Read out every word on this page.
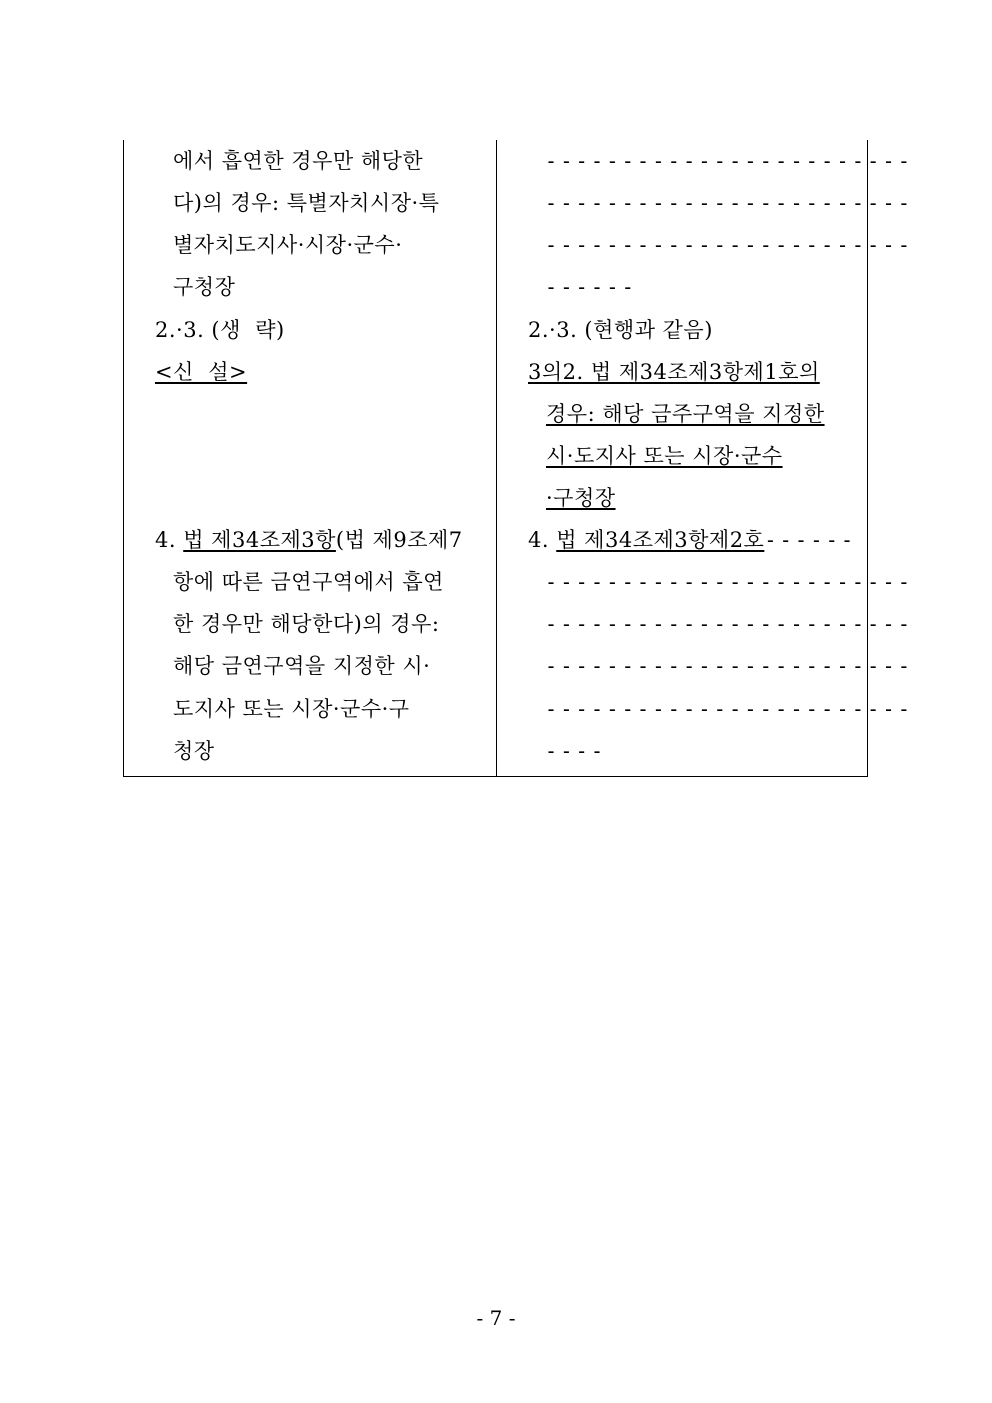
에서 흡연한 경우만 해당한
다)의 경우: 특별자치시장·특
별자치도지사·시장·군수·
구청장
2.·3. (생  략)
<신  설>
4. 법 제34조제3항(법 제9조제7
항에 따른 금연구역에서 흡연
한 경우만 해당한다)의 경우:
해당 금연구역을 지정한 시·
도지사 또는 시장·군수·구
청장
------------------------
------------------------
------------------------
------
2.·3. (현행과 같음)
3의2. 법 제34조제3항제1호의
경우: 해당 금주구역을 지정한
시·도지사 또는 시장·군수
·구청장
4. 법 제34조제3항제2호------
------------------------
------------------------
------------------------
------------------------
----
- 7 -
